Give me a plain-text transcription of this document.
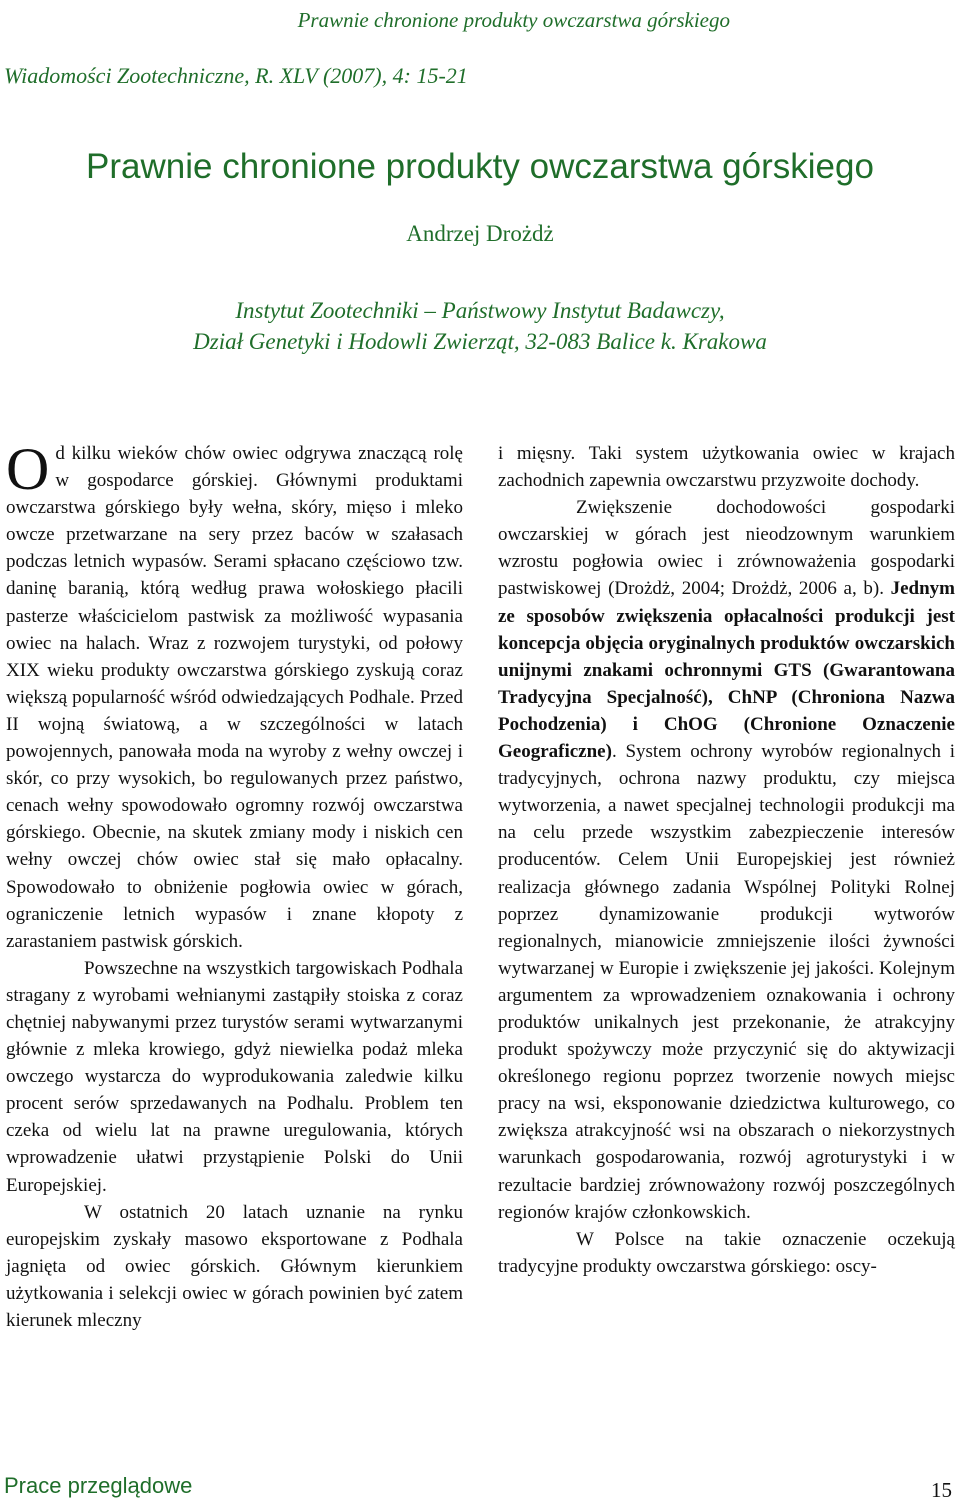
Prawnie chronione produkty owczarstwa górskiego
Wiadomości Zootechniczne, R. XLV (2007), 4: 15-21
Prawnie chronione produkty owczarstwa górskiego
Andrzej Drożdż
Instytut Zootechniki – Państwowy Instytut Badawczy,
Dział Genetyki i Hodowli Zwierząt, 32-083 Balice k. Krakowa

Od kilku wieków chów owiec odgrywa znaczącą rolę w gospodarce górskiej. Głównymi produktami owczarstwa górskiego były wełna, skóry, mięso i mleko owcze przetwarzane na sery przez baców w szałasach podczas letnich wypasów. Serami spłacano częściowo tzw. daninę baranią, którą według prawa wołoskiego płacili pasterze właścicielom pastwisk za możliwość wypasania owiec na halach. Wraz z rozwojem turystyki, od połowy XIX wieku produkty owczarstwa górskiego zyskują coraz większą popularność wśród odwiedzających Podhale. Przed II wojną światową, a w szczególności w latach powojennych, panowała moda na wyroby z wełny owczej i skór, co przy wysokich, bo regulowanych przez państwo, cenach wełny spowodowało ogromny rozwój owczarstwa górskiego. Obecnie, na skutek zmiany mody i niskich cen wełny owczej chów owiec stał się mało opłacalny. Spowodowało to obniżenie pogłowia owiec w górach, ograniczenie letnich wypasów i znane kłopoty z zarastaniem pastwisk górskich.

Powszechne na wszystkich targowiskach Podhala stragany z wyrobami wełnianymi zastąpiły stoiska z coraz chętniej nabywanymi przez turystów serami wytwarzanymi głównie z mleka krowiego, gdyż niewielka podaż mleka owczego wystarcza do wyprodukowania zaledwie kilku procent serów sprzedawanych na Podhalu. Problem ten czeka od wielu lat na prawne uregulowania, których wprowadzenie ułatwi przystąpienie Polski do Unii Europejskiej.

W ostatnich 20 latach uznanie na rynku europejskim zyskały masowo eksportowane z Podhala jagnięta od owiec górskich. Głównym kierunkiem użytkowania i selekcji owiec w górach powinien być zatem kierunek mleczny

i mięsny. Taki system użytkowania owiec w krajach zachodnich zapewnia owczarstwu przyzwoite dochody.

Zwiększenie dochodowości gospodarki owczarskiej w górach jest nieodzownym warunkiem wzrostu pogłowia owiec i zrównoważenia gospodarki pastwiskowej (Drożdż, 2004; Drożdż, 2006 a, b). Jednym ze sposobów zwiększenia opłacalności produkcji jest koncepcja objęcia oryginalnych produktów owczarskich unijnymi znakami ochronnymi GTS (Gwarantowana Tradycyjna Specjalność), ChNP (Chroniona Nazwa Pochodzenia) i ChOG (Chronione Oznaczenie Geograficzne). System ochrony wyrobów regionalnych i tradycyjnych, ochrona nazwy produktu, czy miejsca wytworzenia, a nawet specjalnej technologii produkcji ma na celu przede wszystkim zabezpieczenie interesów producentów. Celem Unii Europejskiej jest również realizacja głównego zadania Wspólnej Polityki Rolnej poprzez dynamizowanie produkcji wytworów regionalnych, mianowicie zmniejszenie ilości żywności wytwarzanej w Europie i zwiększenie jej jakości. Kolejnym argumentem za wprowadzeniem oznakowania i ochrony produktów unikalnych jest przekonanie, że atrakcyjny produkt spożywczy może przyczynić się do aktywizacji określonego regionu poprzez tworzenie nowych miejsc pracy na wsi, eksponowanie dziedzictwa kulturowego, co zwiększa atrakcyjność wsi na obszarach o niekorzystnych warunkach gospodarowania, rozwój agroturystyki i w rezultacie bardziej zrównoważony rozwój poszczególnych regionów krajów członkowskich.

W Polsce na takie oznaczenie oczekują tradycyjne produkty owczarstwa górskiego: oscy-

Prace przeglądowe	15
